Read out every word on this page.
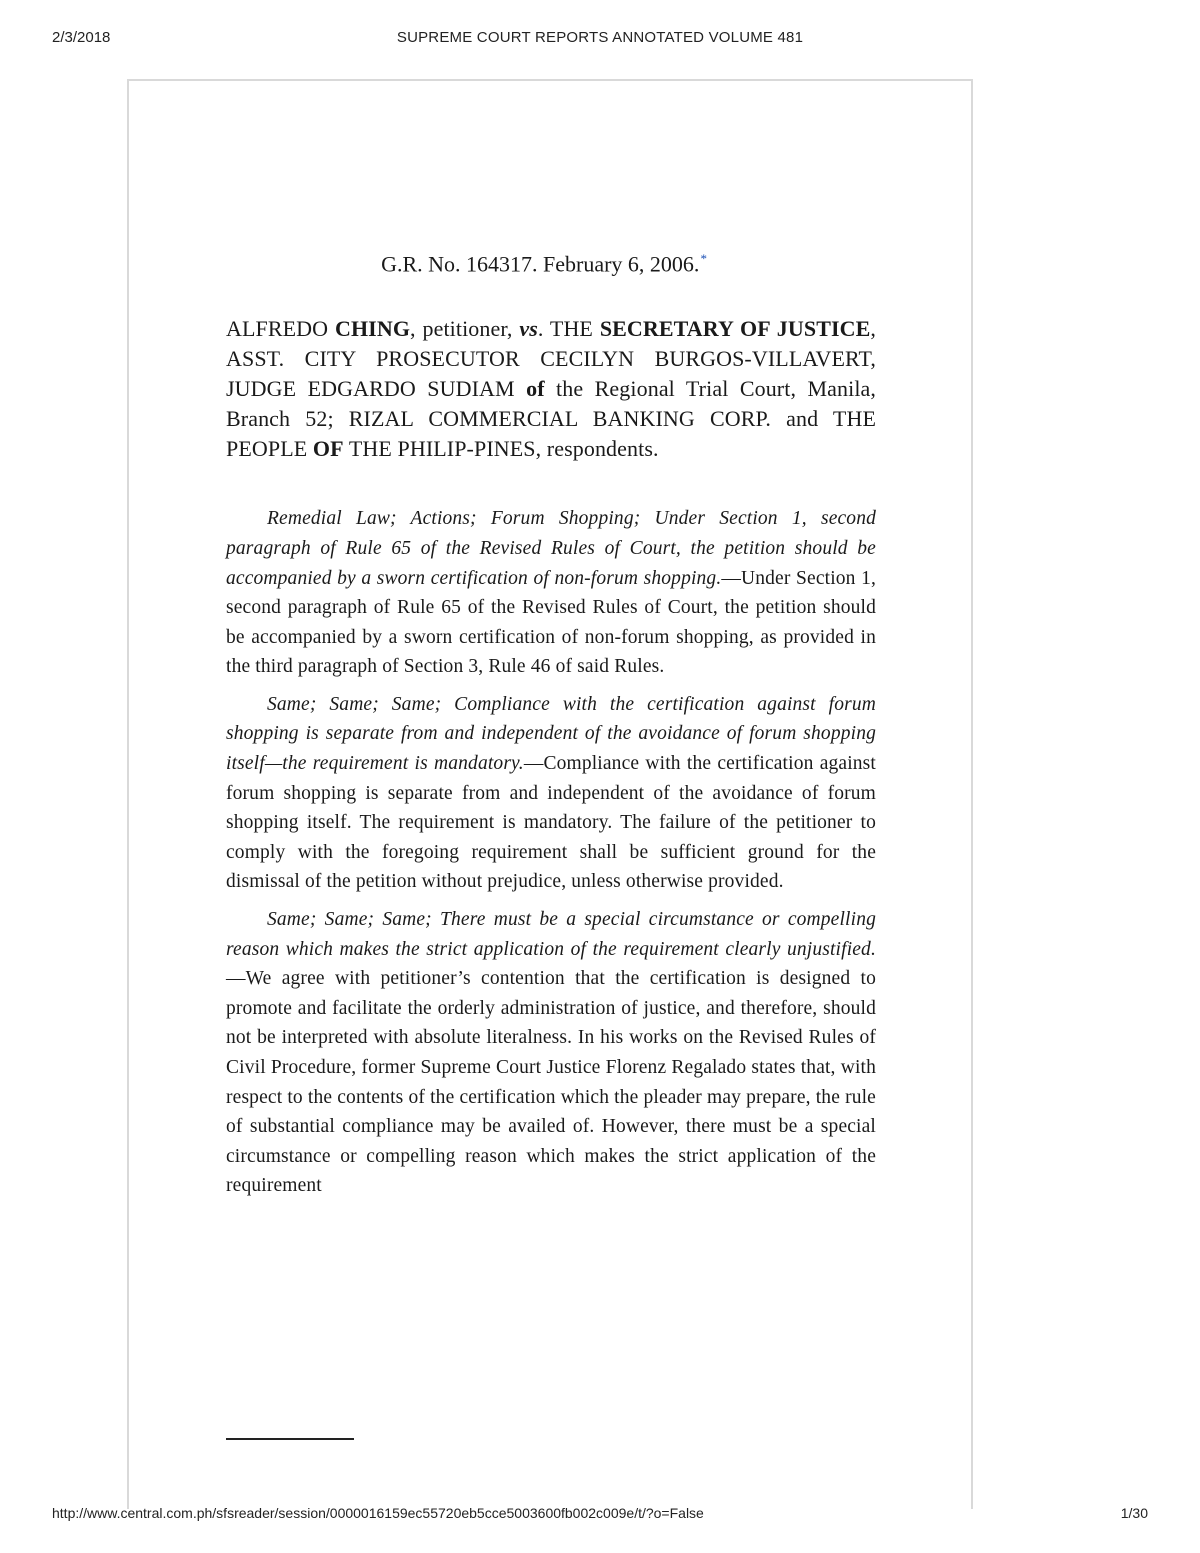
2/3/2018	SUPREME COURT REPORTS ANNOTATED VOLUME 481

G.R. No. 164317. February 6, 2006.*

ALFREDO CHING, petitioner, vs. THE SECRETARY OF JUSTICE, ASST. CITY PROSECUTOR CECILYN BURGOS-VILLAVERT, JUDGE EDGARDO SUDIAM of the Regional Trial Court, Manila, Branch 52; RIZAL COMMERCIAL BANKING CORP. and THE PEOPLE OF THE PHILIP-PINES, respondents.

Remedial Law; Actions; Forum Shopping; Under Section 1, second paragraph of Rule 65 of the Revised Rules of Court, the petition should be accompanied by a sworn certification of non-forum shopping.—Under Section 1, second paragraph of Rule 65 of the Revised Rules of Court, the petition should be accompanied by a sworn certification of non-forum shopping, as provided in the third paragraph of Section 3, Rule 46 of said Rules.

Same; Same; Same; Compliance with the certification against forum shopping is separate from and independent of the avoidance of forum shopping itself—the requirement is mandatory.—Compliance with the certification against forum shopping is separate from and independent of the avoidance of forum shopping itself. The requirement is mandatory. The failure of the petitioner to comply with the foregoing requirement shall be sufficient ground for the dismissal of the petition without prejudice, unless otherwise provided.

Same; Same; Same; There must be a special circumstance or compelling reason which makes the strict application of the requirement clearly unjustified.—We agree with petitioner’s contention that the certification is designed to promote and facilitate the orderly administration of justice, and therefore, should not be interpreted with absolute literalness. In his works on the Revised Rules of Civil Procedure, former Supreme Court Justice Florenz Regalado states that, with respect to the contents of the certification which the pleader may prepare, the rule of substantial compliance may be availed of. However, there must be a special circumstance or compelling reason which makes the strict application of the requirement

http://www.central.com.ph/sfsreader/session/0000016159ec55720eb5cce5003600fb002c009e/t/?o=False	1/30
